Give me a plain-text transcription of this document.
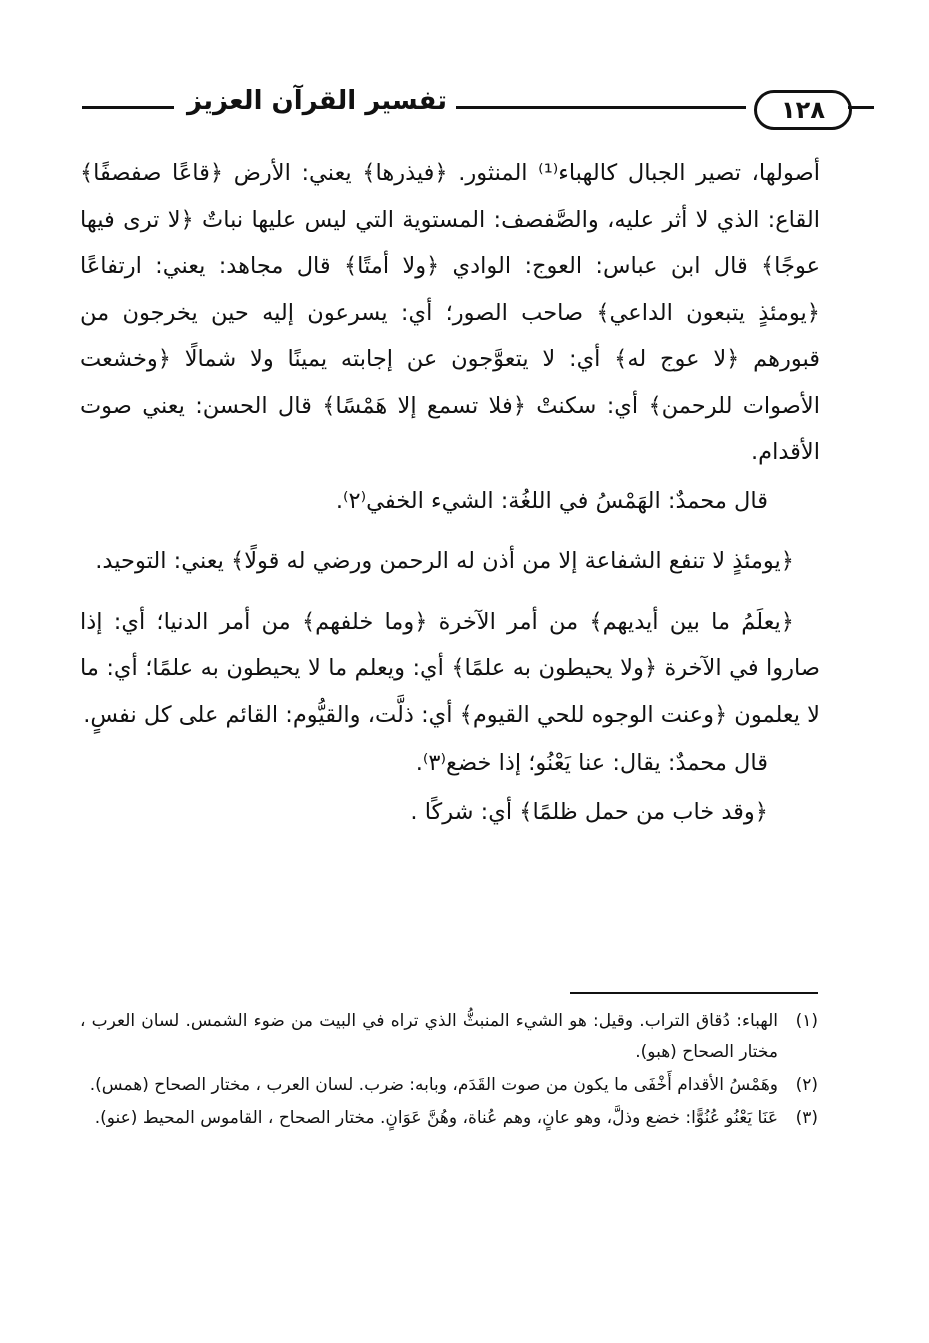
تفسير القرآن العزيز	١٢٨

أصولها، تصير الجبال كالهباء⁽¹⁾ المنثور. ﴿فيذرها﴾ يعني: الأرض ﴿قاعًا صفصفًا﴾ القاع: الذي لا أثر عليه، والصَّفصف: المستوية التي ليس عليها نباتٌ ﴿لا ترى فيها عوجًا﴾ قال ابن عباس: العوج: الوادي ﴿ولا أمتًا﴾ قال مجاهد: يعني: ارتفاعًا ﴿يومئذٍ يتبعون الداعي﴾ صاحب الصور؛ أي: يسرعون إليه حين يخرجون من قبورهم ﴿لا عوج له﴾ أي: لا يتعوَّجون عن إجابته يمينًا ولا شمالًا ﴿وخشعت الأصوات للرحمن﴾ أي: سكنتْ ﴿فلا تسمع إلا هَمْسًا﴾ قال الحسن: يعني صوت الأقدام.

قال محمدٌ: الهَمْسُ في اللغُة: الشيء الخفي⁽٢⁾.

﴿يومئذٍ لا تنفع الشفاعة إلا من أذن له الرحمن ورضي له قولًا﴾ يعني: التوحيد.

﴿يعلَمُ ما بين أيديهم﴾ من أمر الآخرة ﴿وما خلفهم﴾ من أمر الدنيا؛ أي: إذا صاروا في الآخرة ﴿ولا يحيطون به علمًا﴾ أي: ويعلم ما لا يحيطون به علمًا؛ أي: ما لا يعلمون ﴿وعنت الوجوه للحي القيوم﴾ أي: ذلَّت، والقيُّوم: القائم على كل نفسٍ.

قال محمدٌ: يقال: عنا يَعْنُو؛ إذا خضع⁽٣⁾.

﴿وقد خاب من حمل ظلمًا﴾ أي: شركًا .

(١)
الهباء: دُقاق التراب. وقيل: هو الشيء المنبثُّ الذي تراه في البيت من ضوء الشمس. لسان العرب ، مختار الصحاح (هبو).
(٢)
وهَمْسُ الأقدام أَخْفَى ما يكون من صوت القَدَم، وبابه: ضرب. لسان العرب ، مختار الصحاح (همس).
(٣)
عَنَا يَعْنُو عُنُوًّا: خضع وذلَّ، وهو عانٍ، وهم عُناة، وهُنَّ عَوَانٍ. مختار الصحاح ، القاموس المحيط (عنو).
